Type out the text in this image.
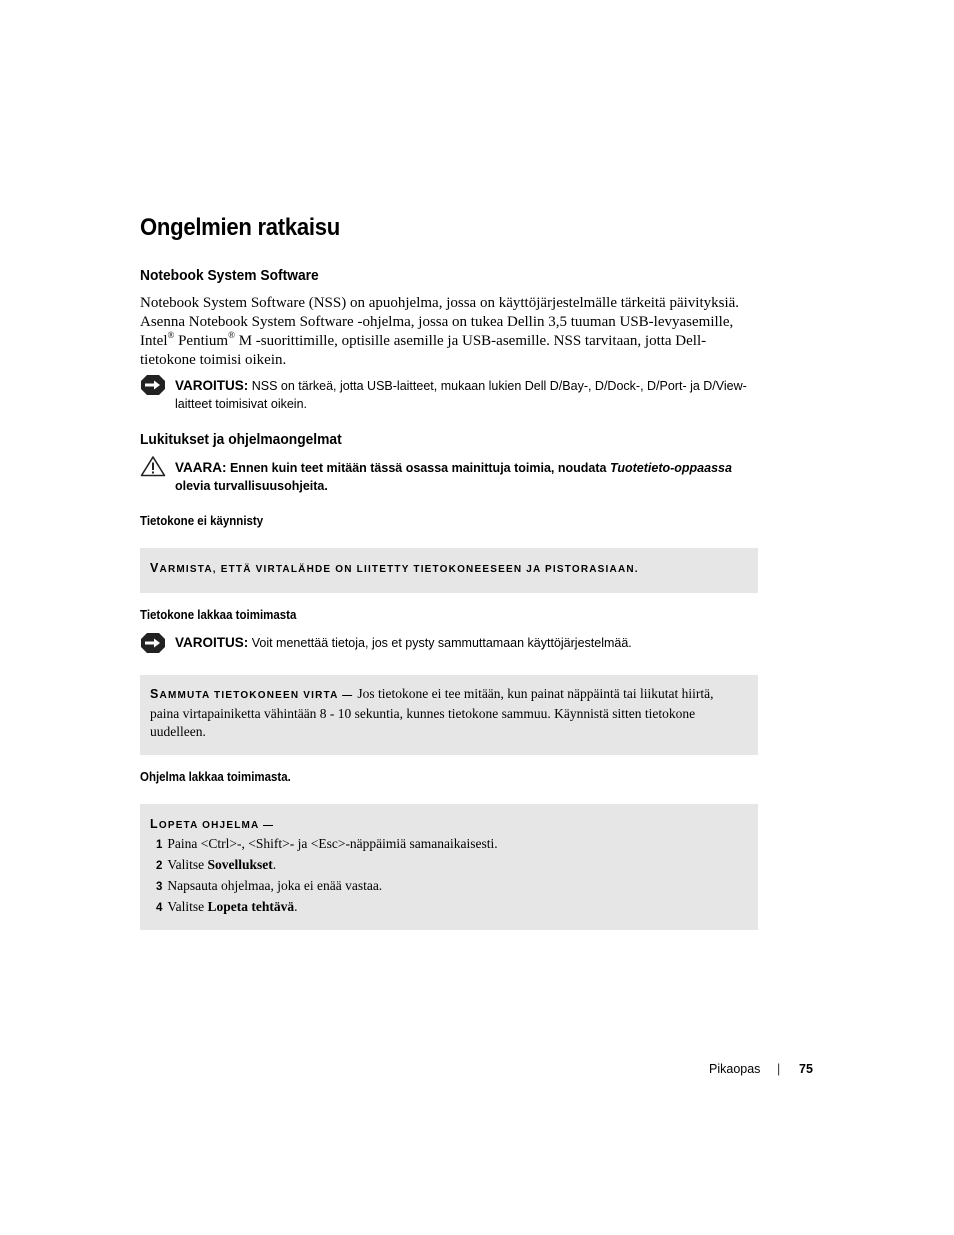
Ongelmien ratkaisu
Notebook System Software
Notebook System Software (NSS) on apuohjelma, jossa on käyttöjärjestelmälle tärkeitä päivityksiä.
Asenna Notebook System Software -ohjelma, jossa on tukea Dellin 3,5 tuuman USB-levyasemille,
Intel® Pentium® M -suorittimille, optisille asemille ja USB-asemille. NSS tarvitaan, jotta Dell-
tietokone toimisi oikein.
VAROITUS: NSS on tärkeä, jotta USB-laitteet, mukaan lukien Dell D/Bay-, D/Dock-, D/Port- ja D/View-laitteet toimisivat oikein.
Lukitukset ja ohjelmaongelmat
VAARA: Ennen kuin teet mitään tässä osassa mainittuja toimia, noudata Tuotetieto-oppaassa olevia turvallisuusohjeita.
Tietokone ei käynnisty
VARMISTA, ETTÄ VIRTALÄHDE ON LIITETTY TIETOKONEESEEN JA PISTORASIAAN.
Tietokone lakkaa toimimasta
VAROITUS: Voit menettää tietoja, jos et pysty sammuttamaan käyttöjärjestelmää.
SAMMUTA TIETOKONEEN VIRTA — Jos tietokone ei tee mitään, kun painat näppäintä tai liikutat hiirtä, paina virtapainiketta vähintään 8 - 10 sekuntia, kunnes tietokone sammuu. Käynnistä sitten tietokone uudelleen.
Ohjelma lakkaa toimimasta.
LOPETA OHJELMA —
1 Paina <Ctrl>-, <Shift>- ja <Esc>-näppäimiä samanaikaisesti.
2 Valitse Sovellukset.
3 Napsauta ohjelmaa, joka ei enää vastaa.
4 Valitse Lopeta tehtävä.
Pikaopas | 75
